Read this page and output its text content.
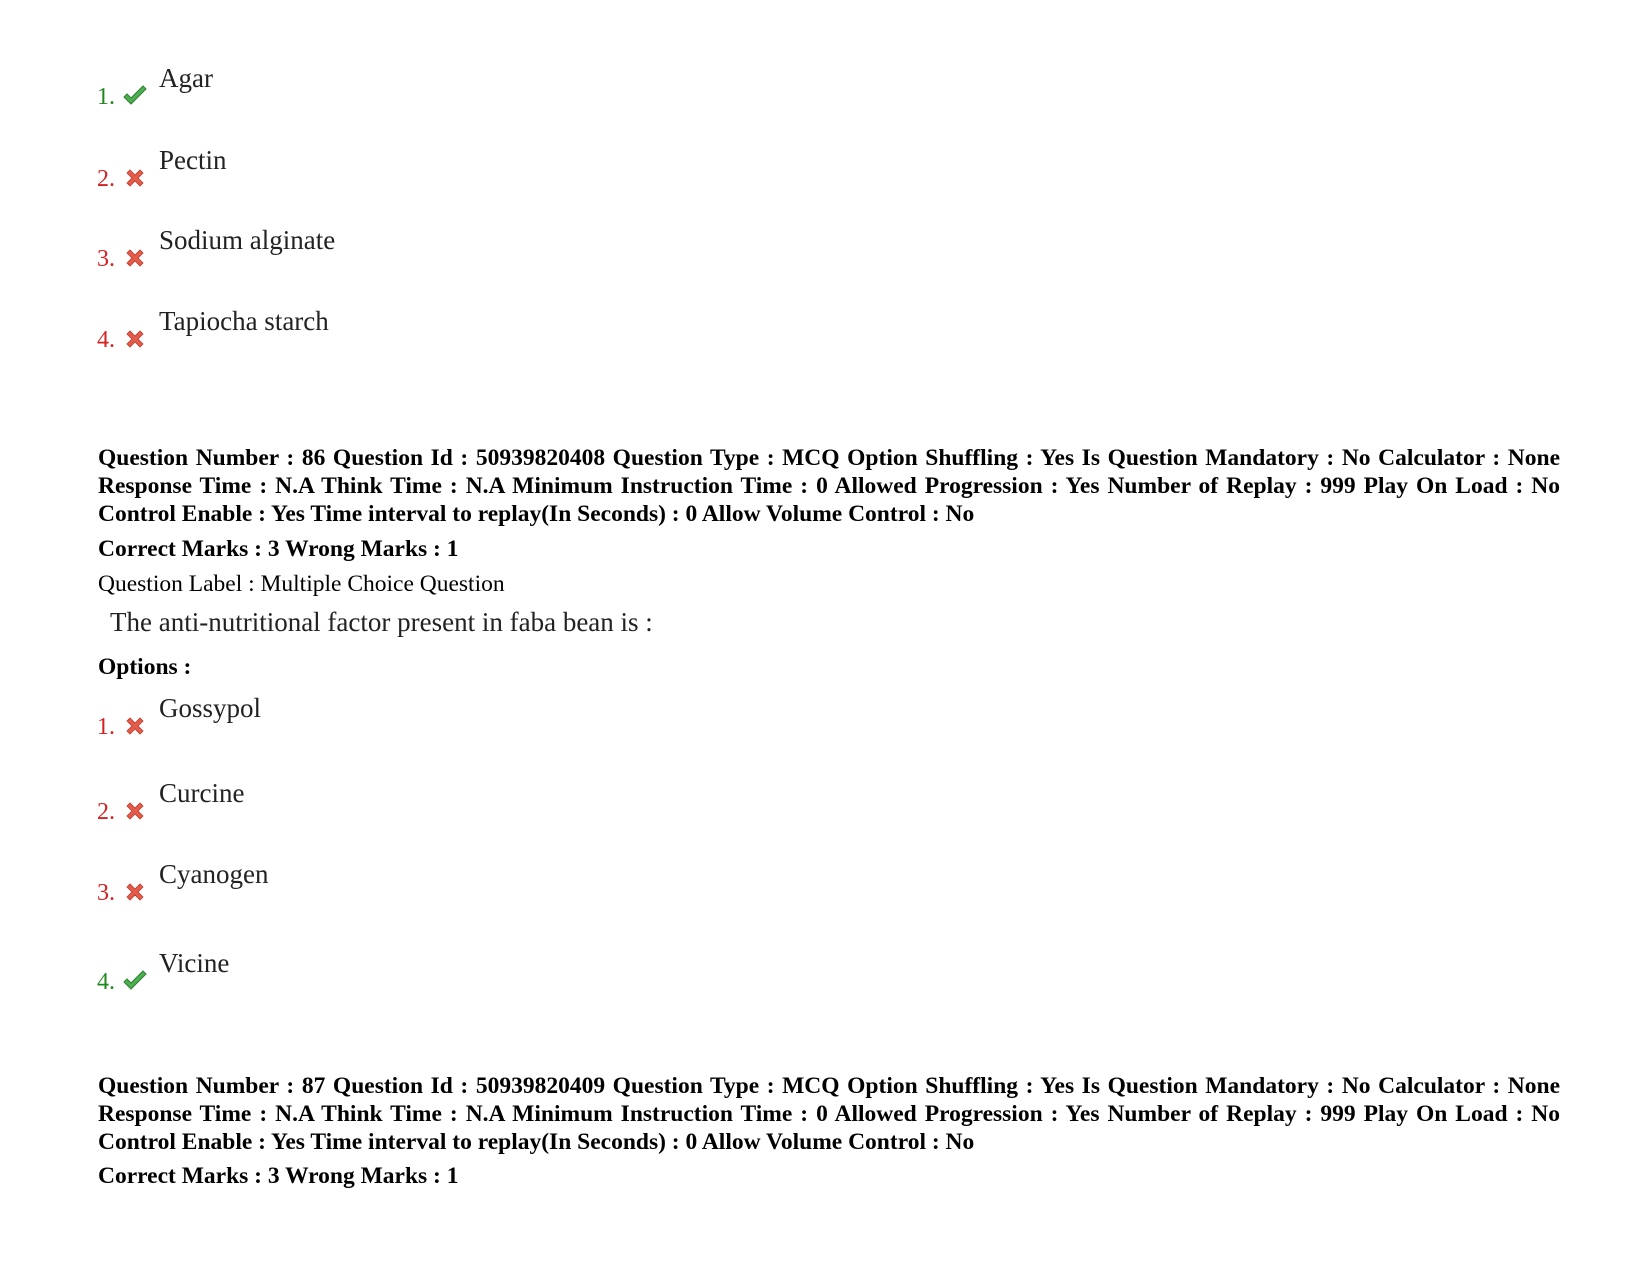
1.
Agar
2.
Pectin
3.
Sodium alginate
4.
Tapiocha starch
Question Number : 86 Question Id : 50939820408 Question Type : MCQ Option Shuffling : Yes Is Question Mandatory : No Calculator : None Response Time : N.A Think Time : N.A Minimum Instruction Time : 0 Allowed Progression : Yes Number of Replay : 999 Play On Load : No Control Enable : Yes Time interval to replay(In Seconds) : 0 Allow Volume Control : No
Correct Marks : 3 Wrong Marks : 1
Question Label : Multiple Choice Question
The anti-nutritional factor present in faba bean is :
Options :
1.
Gossypol
2.
Curcine
3.
Cyanogen
4.
Vicine
Question Number : 87 Question Id : 50939820409 Question Type : MCQ Option Shuffling : Yes Is Question Mandatory : No Calculator : None Response Time : N.A Think Time : N.A Minimum Instruction Time : 0 Allowed Progression : Yes Number of Replay : 999 Play On Load : No Control Enable : Yes Time interval to replay(In Seconds) : 0 Allow Volume Control : No
Correct Marks : 3 Wrong Marks : 1
